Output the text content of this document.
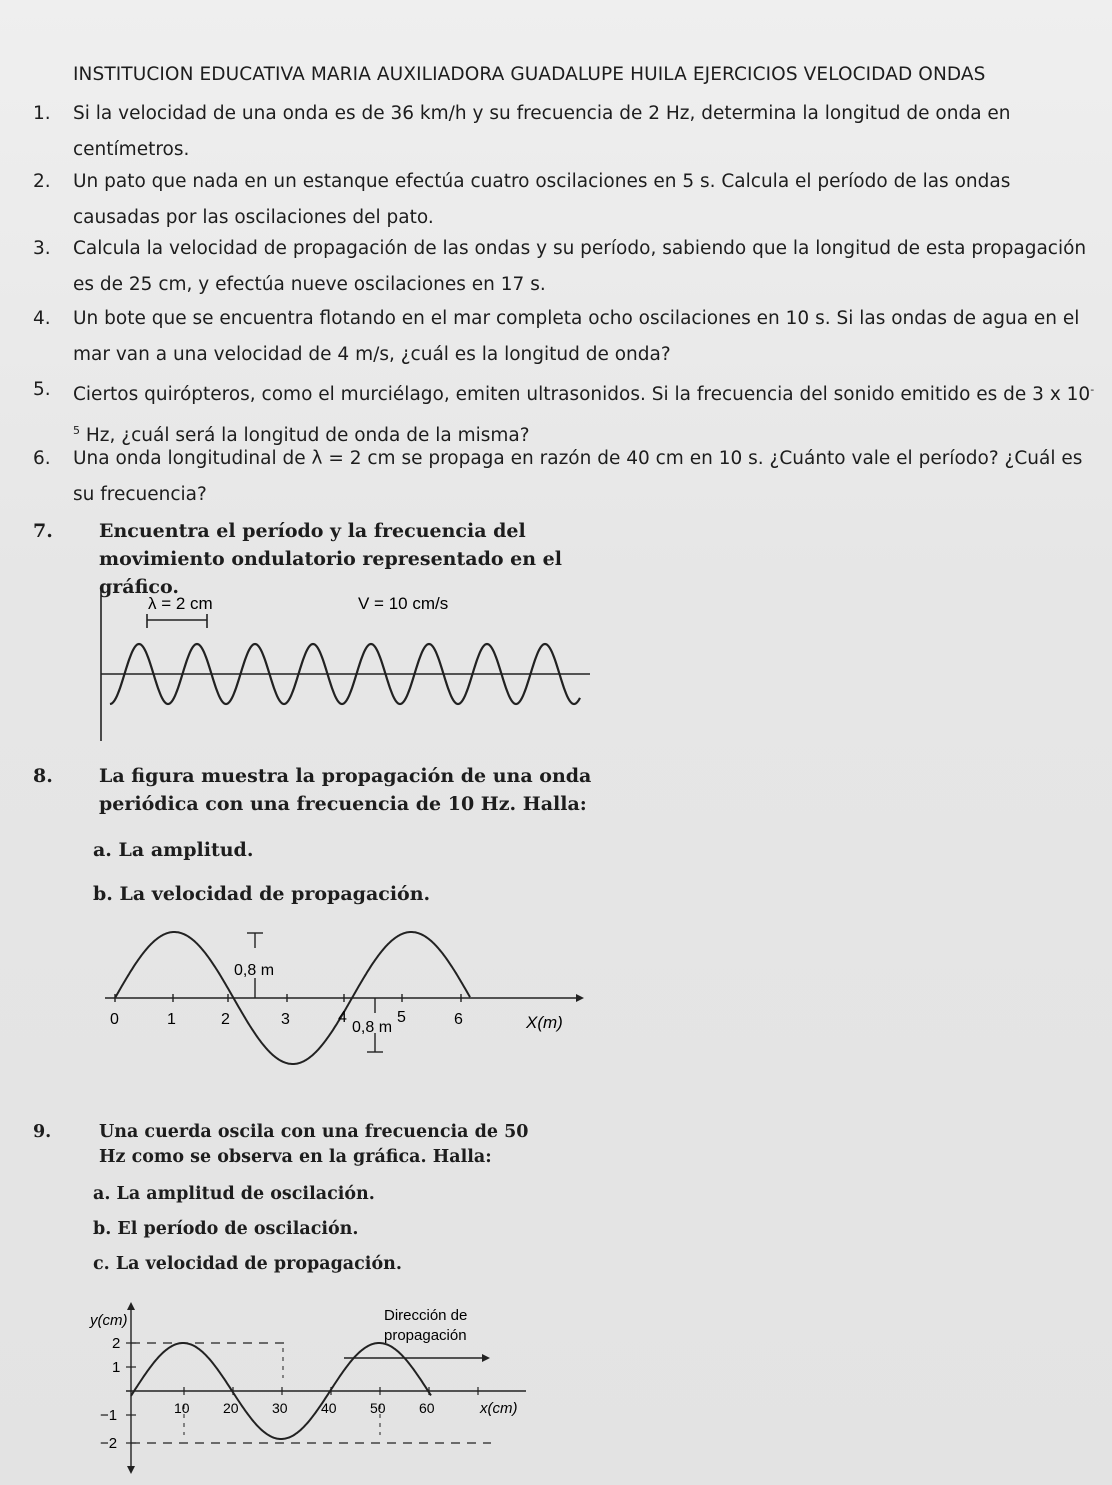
INSTITUCION EDUCATIVA MARIA AUXILIADORA GUADALUPE HUILA EJERCICIOS VELOCIDAD ONDAS
1.	Si la velocidad de una onda es de 36 km/h y su frecuencia de 2 Hz, determina la longitud de onda en centímetros.
2.	Un pato que nada en un estanque efectúa cuatro oscilaciones en 5 s. Calcula el período de las ondas causadas por las oscilaciones del pato.
3.	Calcula la velocidad de propagación de las ondas y su período, sabiendo que la longitud de esta propagación es de 25 cm, y efectúa nueve oscilaciones en 17 s.
4.	Un bote que se encuentra flotando en el mar completa ocho oscilaciones en 10 s. Si las ondas de agua en el mar van a una velocidad de 4 m/s, ¿cuál es la longitud de onda?
5.	Ciertos quirópteros, como el murciélago, emiten ultrasonidos. Si la frecuencia del sonido emitido es de 3 x $10^{-5}$ Hz, ¿cuál será la longitud de onda de la misma?
6.	Una onda longitudinal de λ = 2 cm se propaga en razón de 40 cm en 10 s. ¿Cuánto vale el período? ¿Cuál es su frecuencia?
7. Encuentra el período y la frecuencia del movimiento ondulatorio representado en el gráfico.
λ = 2 cm	V = 10 cm/s
8. La figura muestra la propagación de una onda periódica con una frecuencia de 10 Hz. Halla:
a. La amplitud.
b. La velocidad de propagación.
0	1	2	3	4	5	6	X(m)
0,8 m
0,8 m
9.	Una cuerda oscila con una frecuencia de 50 Hz como se observa en la gráfica. Halla:
a. La amplitud de oscilación.
b. El período de oscilación.
c. La velocidad de propagación.
y(cm)
2
1
−1
−2
10 20 30 40 50 60	x(cm)
Dirección de
propagación
